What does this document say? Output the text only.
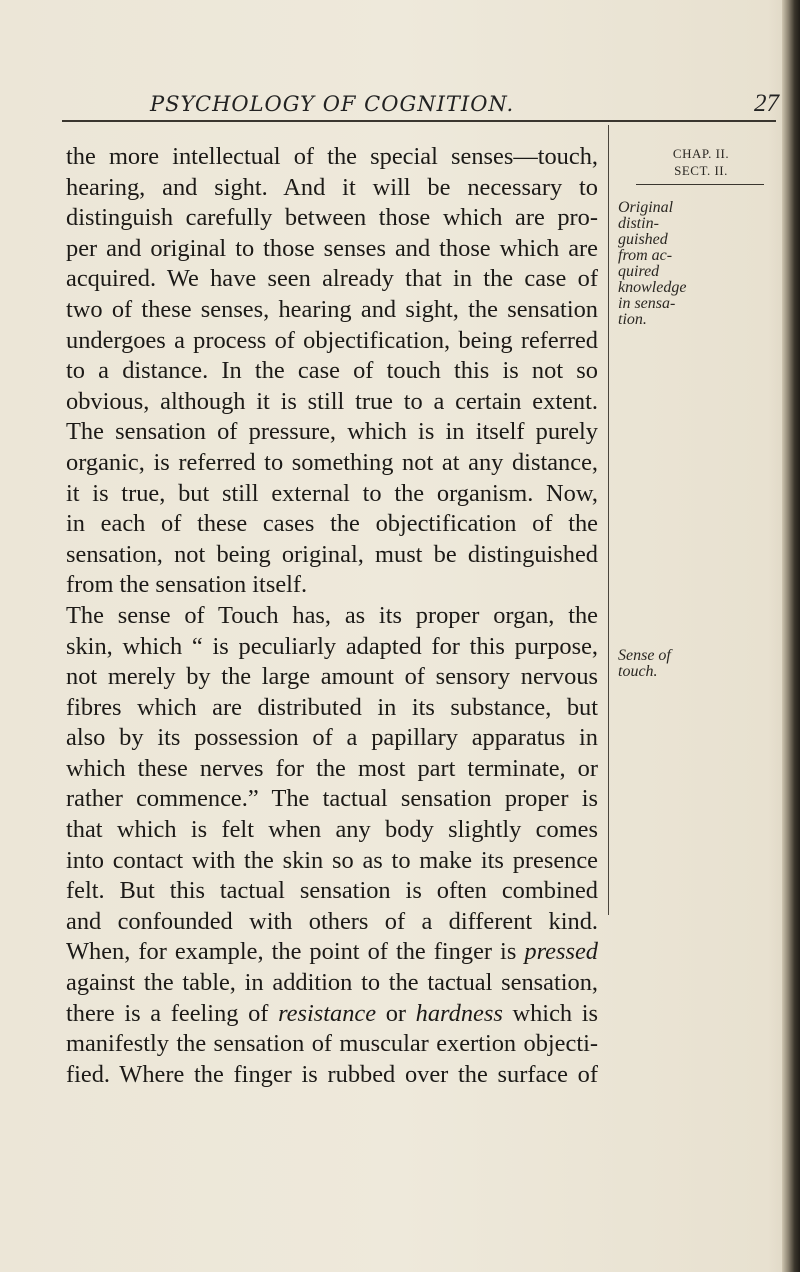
PSYCHOLOGY OF COGNITION.	27
CHAP. II.
SECT. II.
Original
distin-
guished
from ac-
quired
knowledge
in sensa-
tion.
Sense of
touch.
the more intellectual of the special senses—touch,
hearing, and sight. And it will be necessary to
distinguish carefully between those which are pro-
per and original to those senses and those which are
acquired. We have seen already that in the case of
two of these senses, hearing and sight, the sensation
undergoes a process of objectification, being referred
to a distance. In the case of touch this is not so
obvious, although it is still true to a certain extent.
The sensation of pressure, which is in itself purely
organic, is referred to something not at any distance,
it is true, but still external to the organism. Now,
in each of these cases the objectification of the
sensation, not being original, must be distinguished
from the sensation itself.
The sense of Touch has, as its proper organ, the
skin, which “ is peculiarly adapted for this purpose,
not merely by the large amount of sensory nervous
fibres which are distributed in its substance, but
also by its possession of a papillary apparatus in
which these nerves for the most part terminate, or
rather commence.” The tactual sensation proper is
that which is felt when any body slightly comes
into contact with the skin so as to make its presence
felt. But this tactual sensation is often combined
and confounded with others of a different kind.
When, for example, the point of the finger is pressed
against the table, in addition to the tactual sensation,
there is a feeling of resistance or hardness which is
manifestly the sensation of muscular exertion objecti-
fied. Where the finger is rubbed over the surface of
